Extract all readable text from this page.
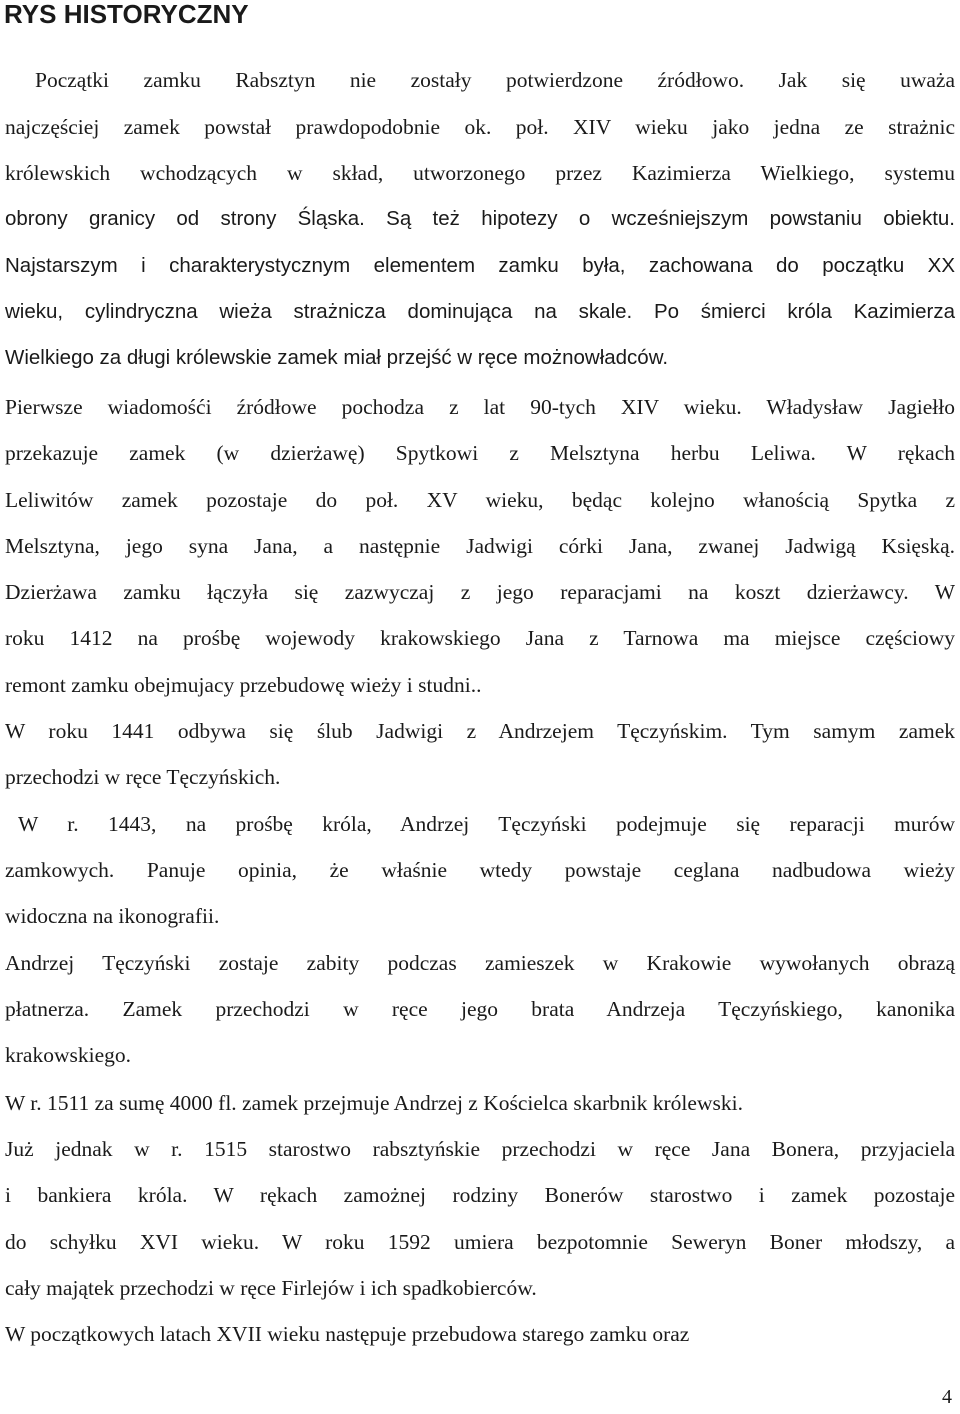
RYS HISTORYCZNY
Początki zamku Rabsztyn nie zostały potwierdzone źródłowo. Jak się uważa
najczęściej zamek powstał prawdopodobnie ok. poł. XIV wieku jako jedna ze strażnic
królewskich wchodzących w skład, utworzonego przez Kazimierza Wielkiego, systemu
obrony granicy od strony Śląska. Są też hipotezy o wcześniejszym powstaniu obiektu.
Najstarszym i charakterystycznym elementem zamku była, zachowana do początku XX
wieku, cylindryczna wieża strażnicza dominująca na skale. Po śmierci króla Kazimierza
Wielkiego za długi królewskie zamek miał przejść w ręce możnowładców.
Pierwsze wiadomośći źródłowe pochodza z lat 90-tych XIV wieku. Władysław Jagiełło
przekazuje zamek (w dzierżawę) Spytkowi z Melsztyna herbu Leliwa. W rękach
Leliwitów zamek pozostaje do poł. XV wieku, będąc kolejno włanością Spytka z
Melsztyna, jego syna Jana, a następnie Jadwigi córki Jana, zwanej Jadwigą Księską.
Dzierżawa zamku łączyła się zazwyczaj z jego reparacjami na koszt dzierżawcy. W
roku 1412 na prośbę wojewody krakowskiego Jana z Tarnowa ma miejsce częściowy
remont zamku obejmujacy przebudowę wieży i studni..
W roku 1441 odbywa się ślub Jadwigi z Andrzejem Tęczyńskim. Tym samym zamek
przechodzi w ręce Tęczyńskich.
W r. 1443, na prośbę króla, Andrzej Tęczyński podejmuje się reparacji murów
zamkowych. Panuje opinia, że właśnie wtedy powstaje ceglana nadbudowa wieży
widoczna na ikonografii.
Andrzej Tęczyński zostaje zabity podczas zamieszek w Krakowie wywołanych obrazą
płatnerza. Zamek przechodzi w ręce jego brata Andrzeja Tęczyńskiego, kanonika
krakowskiego.
W r. 1511 za sumę 4000 fl. zamek przejmuje Andrzej z Kościelca skarbnik królewski.
Już jednak w r. 1515 starostwo rabsztyńskie przechodzi w ręce Jana Bonera, przyjaciela
i bankiera króla. W rękach zamożnej rodziny Bonerów starostwo i zamek pozostaje
do schyłku XVI wieku. W roku 1592 umiera bezpotomnie Seweryn Boner młodszy, a
cały majątek przechodzi w ręce Firlejów i ich spadkobierców.
W początkowych latach XVII wieku następuje przebudowa starego zamku oraz
4
